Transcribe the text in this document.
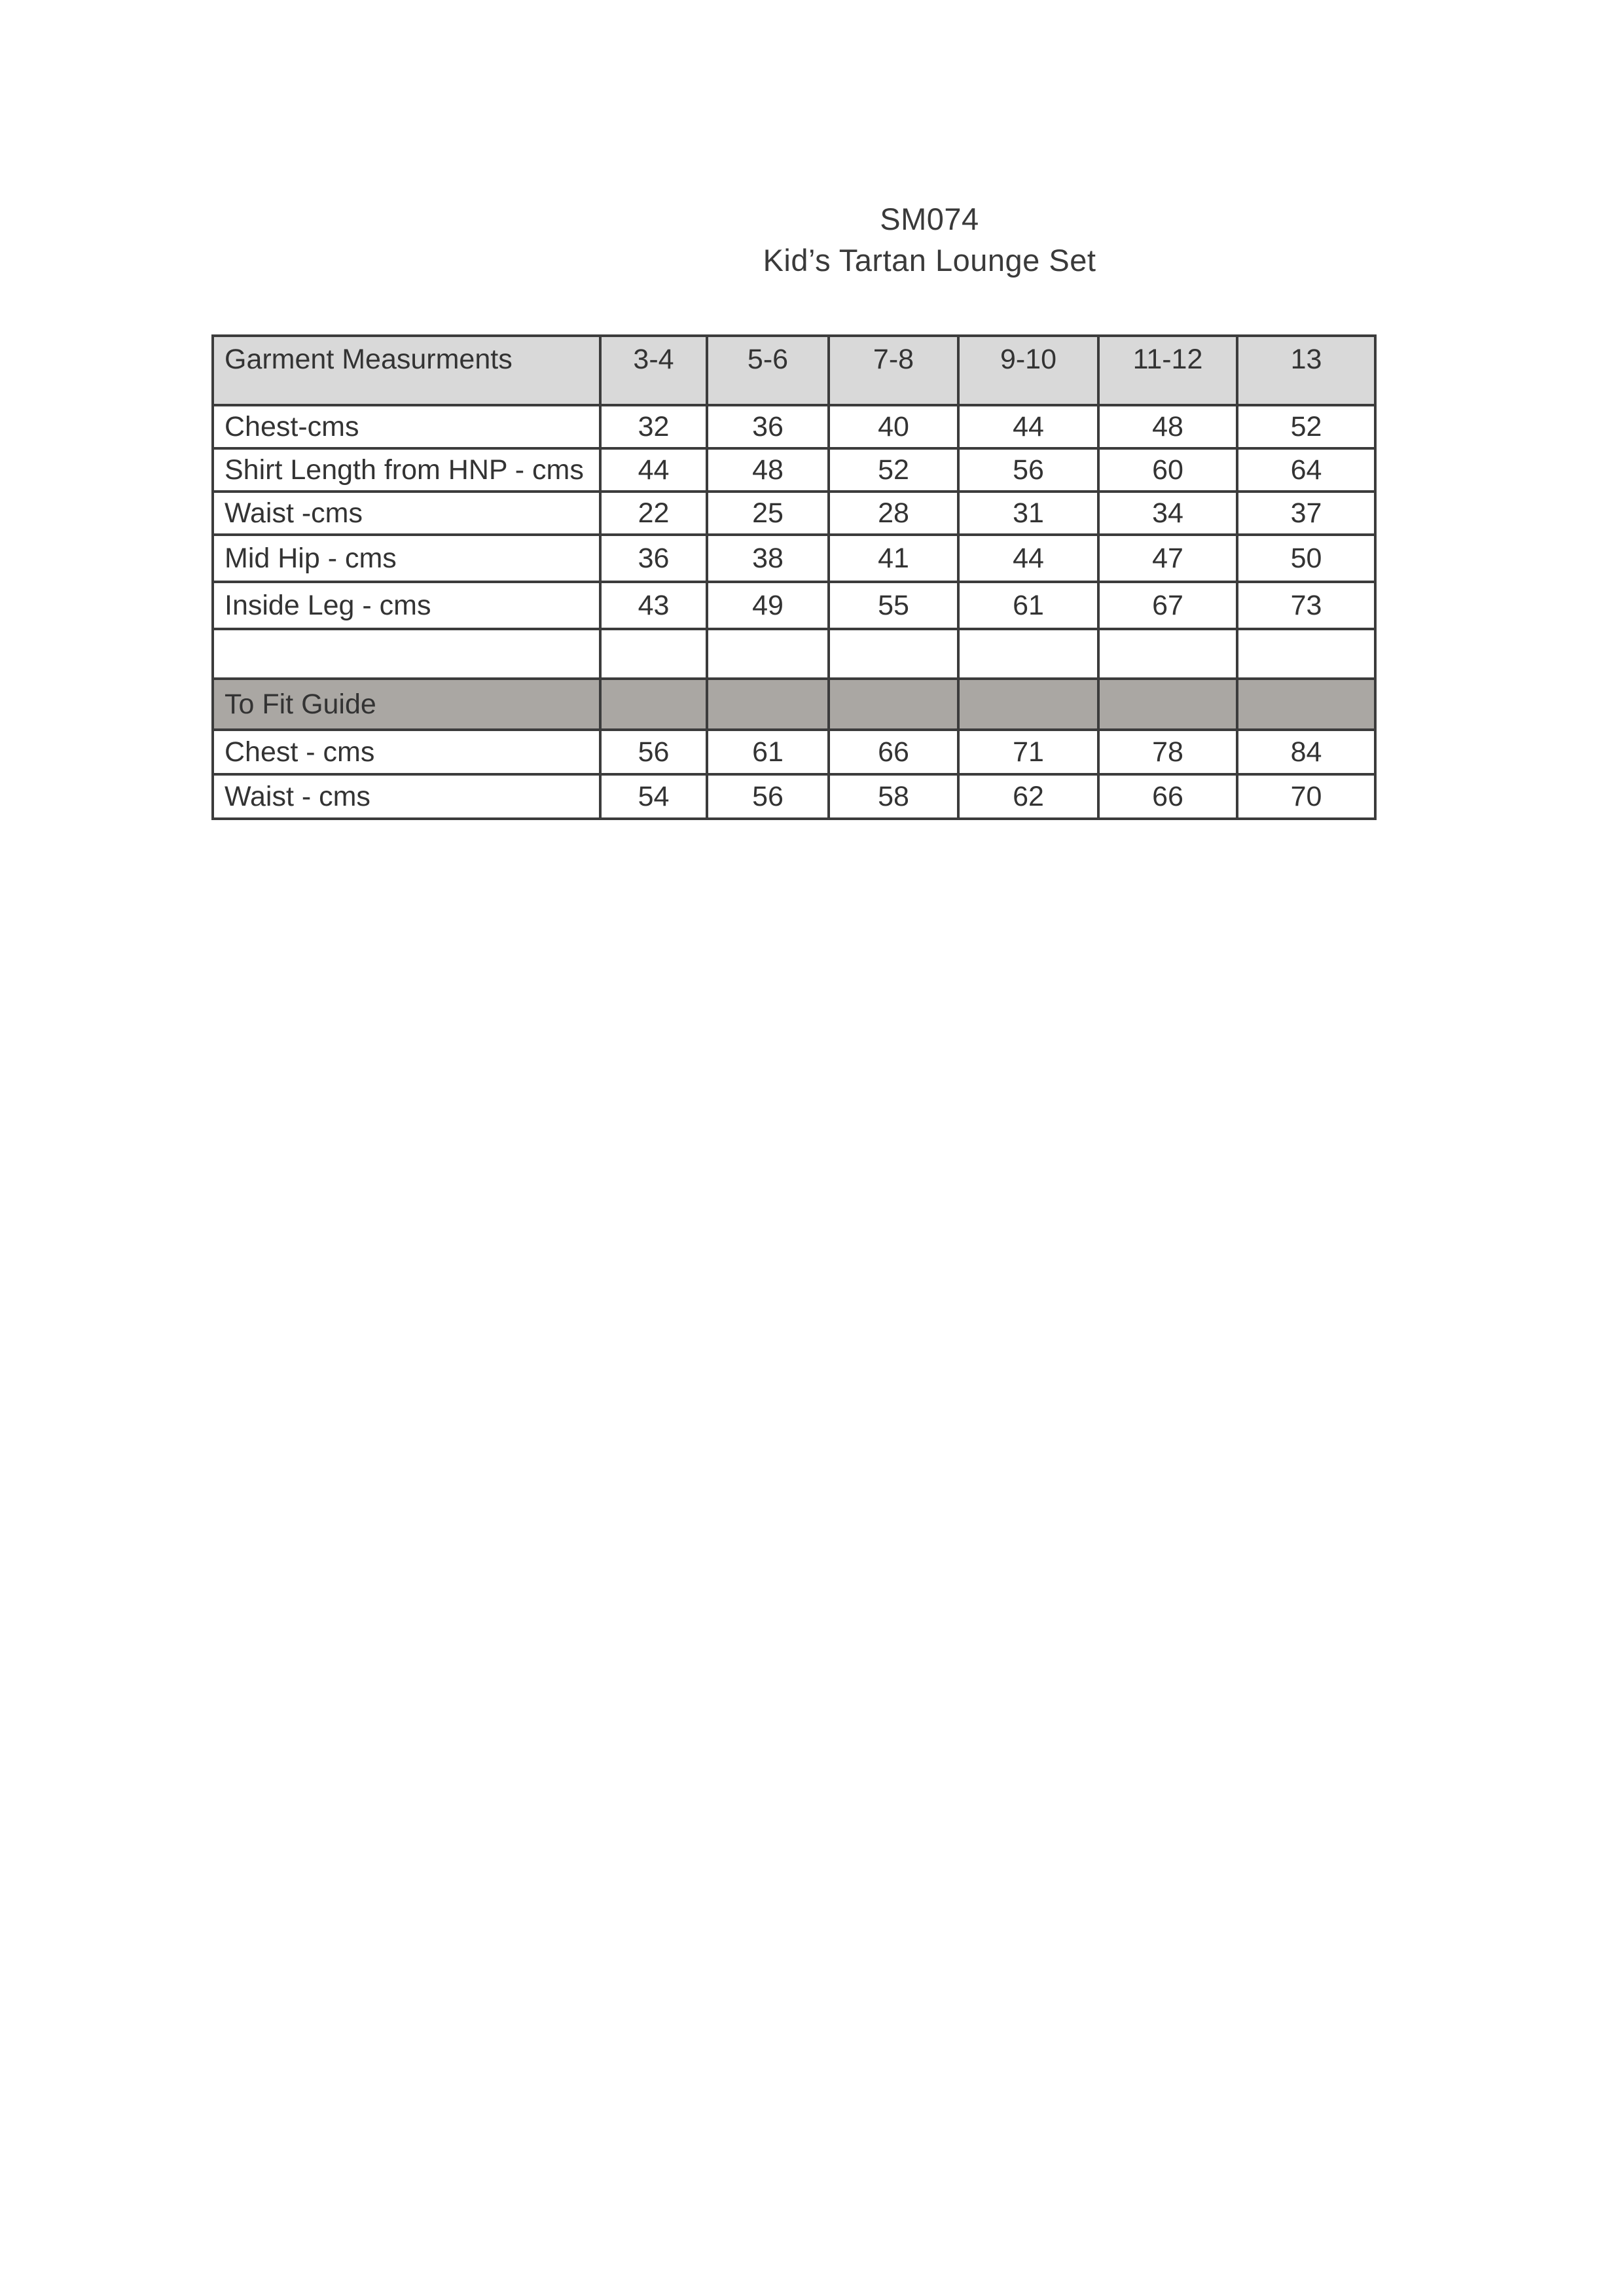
SM074
Kid’s Tartan Lounge Set
Garment Measurments	3-4	5-6	7-8	9-10	11-12	13
Chest-cms	32	36	40	44	48	52
Shirt Length from HNP - cms	44	48	52	56	60	64
Waist -cms	22	25	28	31	34	37
Mid Hip - cms	36	38	41	44	47	50
Inside Leg - cms	43	49	55	61	67	73

To Fit Guide						
Chest - cms	56	61	66	71	78	84
Waist - cms	54	56	58	62	66	70
